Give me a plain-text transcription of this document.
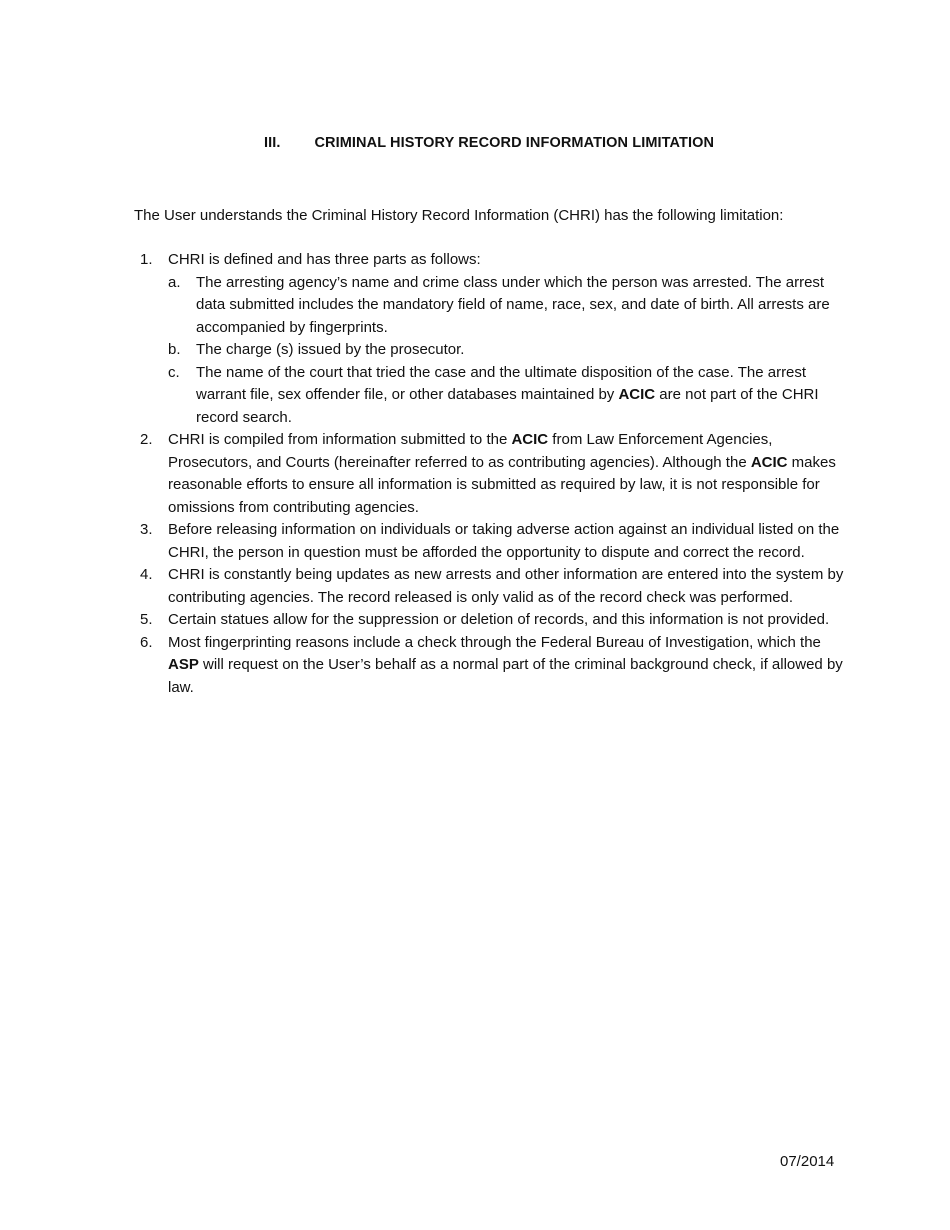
III. CRIMINAL HISTORY RECORD INFORMATION LIMITATION
The User understands the Criminal History Record Information (CHRI) has the following limitation:
1. CHRI is defined and has three parts as follows:
a. The arresting agency’s name and crime class under which the person was arrested. The arrest data submitted includes the mandatory field of name, race, sex, and date of birth. All arrests are accompanied by fingerprints.
b. The charge (s) issued by the prosecutor.
c. The name of the court that tried the case and the ultimate disposition of the case. The arrest warrant file, sex offender file, or other databases maintained by ACIC are not part of the CHRI record search.
2. CHRI is compiled from information submitted to the ACIC from Law Enforcement Agencies, Prosecutors, and Courts (hereinafter referred to as contributing agencies). Although the ACIC makes reasonable efforts to ensure all information is submitted as required by law, it is not responsible for omissions from contributing agencies.
3. Before releasing information on individuals or taking adverse action against an individual listed on the CHRI, the person in question must be afforded the opportunity to dispute and correct the record.
4. CHRI is constantly being updates as new arrests and other information are entered into the system by contributing agencies. The record released is only valid as of the record check was performed.
5. Certain statues allow for the suppression or deletion of records, and this information is not provided.
6. Most fingerprinting reasons include a check through the Federal Bureau of Investigation, which the ASP will request on the User’s behalf as a normal part of the criminal background check, if allowed by law.
07/2014
